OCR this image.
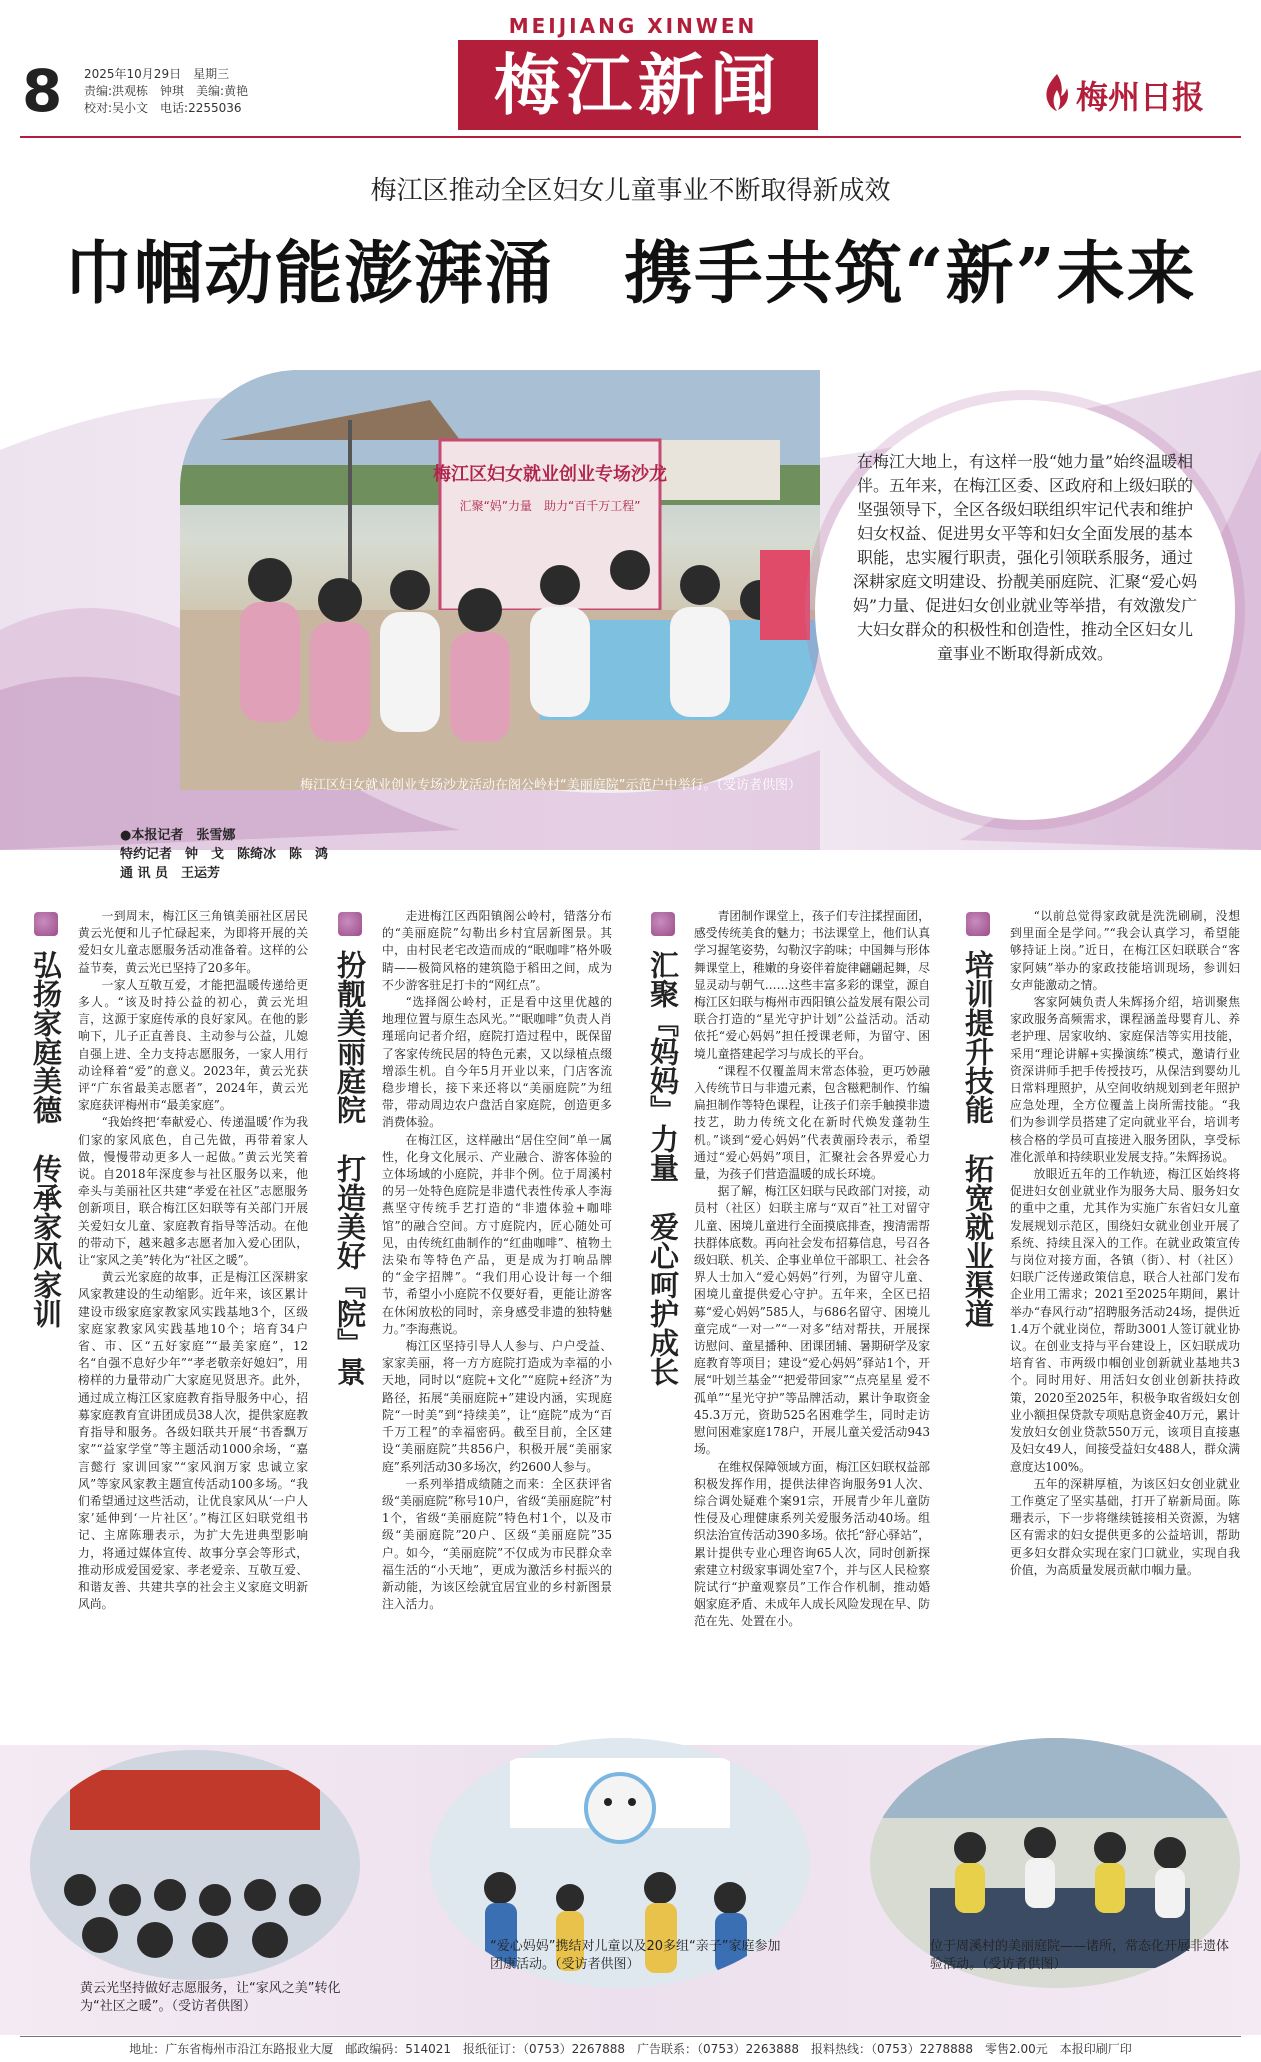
8 2025年10月29日　星期三
责编:洪观栋　钟琪　美编:黄艳
校对:吴小文　电话:2255036
MEIJIANG XINWEN
梅江新闻	梅州日报
梅江区推动全区妇女儿童事业不断取得新成效
巾帼动能澎湃涌　携手共筑“新”未来
梅江区妇女就业创业专场沙龙
汇聚“妈”力量　助力“百千万工程”
梅江区妇女就业创业专场沙龙活动在阁公岭村“美丽庭院”示范户中举行。（受访者供图）
在梅江大地上，有这样一股“她力量”始终温暖相伴。五年来，在梅江区委、区政府和上级妇联的坚强领导下，全区各级妇联组织牢记代表和维护妇女权益、促进男女平等和妇女全面发展的基本职能，忠实履行职责，强化引领联系服务，通过深耕家庭文明建设、扮靓美丽庭院、汇聚“爱心妈妈”力量、促进妇女创业就业等举措，有效激发广大妇女群众的积极性和创造性，推动全区妇女儿童事业不断取得新成效。
●本报记者　张雪娜
特约记者　钟　戈　陈绮冰　陈　鸿
通 讯 员　王运芳
弘扬家庭美德
传承家风家训

一到周末，梅江区三角镇美丽社区居民黄云光便和儿子忙碌起来，为即将开展的关爱妇女儿童志愿服务活动准备着。这样的公益节奏，黄云光已坚持了20多年。

一家人互敬互爱，才能把温暖传递给更多人。“该及时持公益的初心，黄云光坦言，这源于家庭传承的良好家风。在他的影响下，儿子正直善良、主动参与公益，儿媳自强上进、全力支持志愿服务，一家人用行动诠释着“爱”的意义。2023年，黄云光获评“广东省最美志愿者”，2024年，黄云光家庭获评梅州市“最美家庭”。

“我始终把‘奉献爱心、传递温暖’作为我们家的家风底色，自己先做，再带着家人做，慢慢带动更多人一起做。”黄云光笑着说。自2018年深度参与社区服务以来，他牵头与美丽社区共建“孝爱在社区”志愿服务创新项目，联合梅江区妇联等有关部门开展关爱妇女儿童、家庭教育指导等活动。在他的带动下，越来越多志愿者加入爱心团队，让“家风之美”转化为“社区之暖”。

黄云光家庭的故事，正是梅江区深耕家风家教建设的生动缩影。近年来，该区累计建设市级家庭家教家风实践基地3个，区级家庭家教家风实践基地10个；培育34户省、市、区“五好家庭”“最美家庭”，12名“自强不息好少年”“孝老敬亲好媳妇”，用榜样的力量带动广大家庭见贤思齐。此外，通过成立梅江区家庭教育指导服务中心，招募家庭教育宣讲团成员38人次，提供家庭教育指导和服务。各级妇联共开展“书香飘万家”“益家学堂”等主题活动1000余场，“嘉言懿行 家训回家”“家风润万家 忠诚立家风”等家风家教主题宣传活动100多场。“我们希望通过这些活动，让优良家风从‘一户人家’延伸到‘一片社区’。”梅江区妇联党组书记、主席陈珊表示，为扩大先进典型影响力，将通过媒体宣传、故事分享会等形式，推动形成爱国爱家、孝老爱亲、互敬互爱、和谐友善、共建共享的社会主义家庭文明新风尚。

扮靓美丽庭院
打造美好『院』景

走进梅江区西阳镇阁公岭村，错落分布的“美丽庭院”勾勒出乡村宜居新图景。其中，由村民老宅改造而成的“眠咖啡”格外吸睛——极简风格的建筑隐于稻田之间，成为不少游客驻足打卡的“网红点”。

“选择阁公岭村，正是看中这里优越的地理位置与原生态风光。”“眠咖啡”负责人肖瑾瑶向记者介绍，庭院打造过程中，既保留了客家传统民居的特色元素，又以绿植点缀增添生机。自今年5月开业以来，门店客流稳步增长，接下来还将以“美丽庭院”为纽带，带动周边农户盘活自家庭院，创造更多消费体验。

在梅江区，这样融出“居住空间”单一属性，化身文化展示、产业融合、游客体验的立体场域的小庭院，并非个例。位于周溪村的另一处特色庭院是非遗代表性传承人李海燕坚守传统手艺打造的“非遗体验+咖啡馆”的融合空间。方寸庭院内，匠心随处可见，由传统红曲制作的“红曲咖啡”、植物土法染布等特色产品，更是成为打响品牌的“金字招牌”。“我们用心设计每一个细节，希望小小庭院不仅要好看，更能让游客在休闲放松的同时，亲身感受非遗的独特魅力。”李海燕说。

梅江区坚持引导人人参与、户户受益、家家美丽，将一方方庭院打造成为幸福的小天地，同时以“庭院+文化”“庭院+经济”为路径，拓展“美丽庭院+”建设内涵，实现庭院“一时美”到“持续美”，让“庭院”成为“百千万工程”的幸福密码。截至目前，全区建设“美丽庭院”共856户，积极开展“美丽家庭”系列活动30多场次，约2600人参与。

一系列举措成绩随之而来：全区获评省级“美丽庭院”称号10户，省级“美丽庭院”村1个，省级“美丽庭院”特色村1个，以及市级“美丽庭院”20户、区级“美丽庭院”35户。如今，“美丽庭院”不仅成为市民群众幸福生活的“小天地”，更成为激活乡村振兴的新动能，为该区绘就宜居宜业的乡村新图景注入活力。

汇聚『妈妈』力量
爱心呵护成长

青团制作课堂上，孩子们专注揉捏面团，感受传统美食的魅力；书法课堂上，他们认真学习握笔姿势，勾勒汉字韵味；中国舞与形体舞课堂上，稚嫩的身姿伴着旋律翩翩起舞，尽显灵动与朝气……这些丰富多彩的课堂，源自梅江区妇联与梅州市西阳镇公益发展有限公司联合打造的“星光守护计划”公益活动。活动依托“爱心妈妈”担任授课老师，为留守、困境儿童搭建起学习与成长的平台。

“课程不仅覆盖周末常态体验，更巧妙融入传统节日与非遗元素，包含糍粑制作、竹编扁担制作等特色课程，让孩子们亲手触摸非遗技艺，助力传统文化在新时代焕发蓬勃生机。”谈到“爱心妈妈”代表黄丽玲表示，希望通过“爱心妈妈”项目，汇聚社会各界爱心力量，为孩子们营造温暖的成长环境。

据了解，梅江区妇联与民政部门对接，动员村（社区）妇联主席与“双百”社工对留守儿童、困境儿童进行全面摸底排查，搜清需帮扶群体底数。再向社会发布招募信息，号召各级妇联、机关、企事业单位干部职工、社会各界人士加入“爱心妈妈”行列，为留守儿童、困境儿童提供爱心守护。五年来，全区已招募“爱心妈妈”585人，与686名留守、困境儿童完成“一对一”“一对多”结对帮扶，开展探访慰问、童星播种、团课团辅、暑期研学及家庭教育等项目；建设“爱心妈妈”驿站1个，开展“叶划兰基金”“把爱带回家”“点亮星星 爱不孤单”“星光守护”等品牌活动，累计争取资金45.3万元，资助525名困难学生，同时走访慰问困难家庭178户，开展儿童关爱活动943场。

在维权保障领域方面，梅江区妇联权益部积极发挥作用，提供法律咨询服务91人次、综合调处疑难个案91宗，开展青少年儿童防性侵及心理健康系列关爱服务活动40场。组织法治宣传活动390多场。依托“舒心驿站”，累计提供专业心理咨询65人次，同时创新探索建立村级家事调处室7个，并与区人民检察院试行“护童观察员”工作合作机制，推动婚姻家庭矛盾、未成年人成长风险发现在早、防范在先、处置在小。

培训提升技能
拓宽就业渠道

“以前总觉得家政就是洗洗刷刷，没想到里面全是学问。”“我会认真学习，希望能够持证上岗。”近日，在梅江区妇联联合“客家阿姨”举办的家政技能培训现场，参训妇女声能激动之情。

客家阿姨负责人朱辉扬介绍，培训聚焦家政服务高频需求，课程涵盖母婴育儿、养老护理、居家收纳、家庭保洁等实用技能，采用“理论讲解+实操演练”模式，邀请行业资深讲师手把手传授技巧，从保洁到婴幼儿日常料理照护，从空间收纳规划到老年照护应急处理，全方位覆盖上岗所需技能。“我们为参训学员搭建了定向就业平台，培训考核合格的学员可直接进入服务团队，享受标准化派单和持续职业发展支持。”朱辉扬说。

放眼近五年的工作轨迹，梅江区始终将促进妇女创业就业作为服务大局、服务妇女的重中之重，尤其作为实施广东省妇女儿童发展规划示范区，围绕妇女就业创业开展了系统、持续且深入的工作。在就业政策宣传与岗位对接方面，各镇（街）、村（社区）妇联广泛传递政策信息，联合人社部门发布企业用工需求；2021至2025年期间，累计举办“春风行动”招聘服务活动24场，提供近1.4万个就业岗位，帮助3001人签订就业协议。在创业支持与平台建设上，区妇联成功培育省、市两级巾帼创业创新就业基地共3个。同时用好、用活妇女创业创新扶持政策，2020至2025年，积极争取省级妇女创业小额担保贷款专项贴息资金40万元，累计发放妇女创业贷款550万元，该项目直接惠及妇女49人，间接受益妇女488人，群众满意度达100%。

五年的深耕厚植，为该区妇女创业就业工作奠定了坚实基础，打开了崭新局面。陈珊表示，下一步将继续链接相关资源，为辖区有需求的妇女提供更多的公益培训，帮助更多妇女群众实现在家门口就业，实现自我价值，为高质量发展贡献巾帼力量。

黄云光坚持做好志愿服务，让“家风之美”转化为“社区之暖”。（受访者供图）
“爱心妈妈”携结对儿童以及20多组“亲子”家庭参加团康活动。（受访者供图）
位于周溪村的美丽庭院——诸所，常态化开展非遗体验活动。（受访者供图）
地址：广东省梅州市沿江东路报业大厦　邮政编码：514021　报纸征订：（0753）2267888　广告联系：（0753）2263888　报料热线：（0753）2278888　零售2.00元　本报印刷厂印
